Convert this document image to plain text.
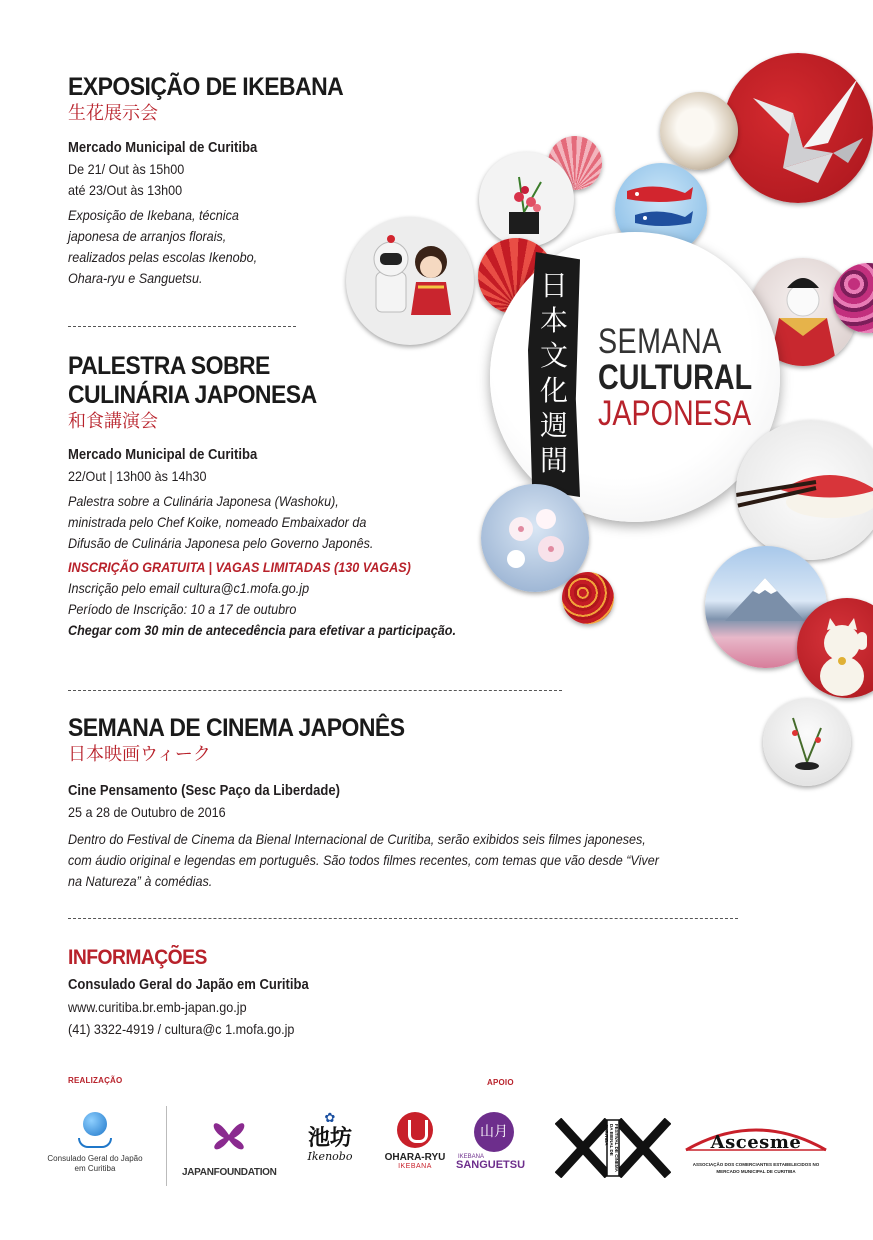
EXPOSIÇÃO DE IKEBANA

生花展示会

Mercado Municipal de Curitiba

De 21/ Out às 15h00

até 23/Out às 13h00

Exposição de Ikebana, técnica

japonesa de arranjos florais,

realizados pelas escolas Ikenobo,

Ohara-ryu e Sanguetsu.

PALESTRA SOBRE

CULINÁRIA JAPONESA

和食講演会

Mercado Municipal de Curitiba

22/Out | 13h00 às 14h30

Palestra sobre a Culinária Japonesa (Washoku),

ministrada pelo Chef Koike, nomeado Embaixador da

Difusão de Culinária Japonesa pelo Governo Japonês.

INSCRIÇÃO GRATUITA | VAGAS LIMITADAS (130 VAGAS)

Inscrição pelo email cultura@c1.mofa.go.jp

Período de Inscrição: 10 a 17 de outubro

Chegar com 30 min de antecedência para efetivar a participação.

SEMANA DE CINEMA JAPONÊS

日本映画ウィーク

Cine Pensamento (Sesc Paço da Liberdade)

25 a 28 de Outubro de 2016

Dentro do Festival de Cinema da Bienal Internacional de Curitiba, serão exibidos seis filmes japoneses,

com áudio original e legendas em português. São todos filmes recentes, com temas que vão desde “Viver

na Natureza” à comédias.

INFORMAÇÕES

Consulado Geral do Japão em Curitiba

www.curitiba.br.emb-japan.go.jp

(41) 3322-4919 / cultura@c 1.mofa.go.jp

日
本
文
化
週
間
SEMANA
CULTURAL
JAPONESA
REALIZAÇÃO	APOIO
Consulado Geral do Japão
em Curitiba	JAPANFOUNDATION
✿
池坊
Ikenobo	OHARA-RYU
IKEBANA
山月
IKEBANA
SANGUETSU	FESTIVAL DE CINEMA DA BIENAL DE CURITIBA	Ascesme
ASSOCIAÇÃO DOS COMERCIANTES ESTABELECIDOS NO
MERCADO MUNICIPAL DE CURITIBA
